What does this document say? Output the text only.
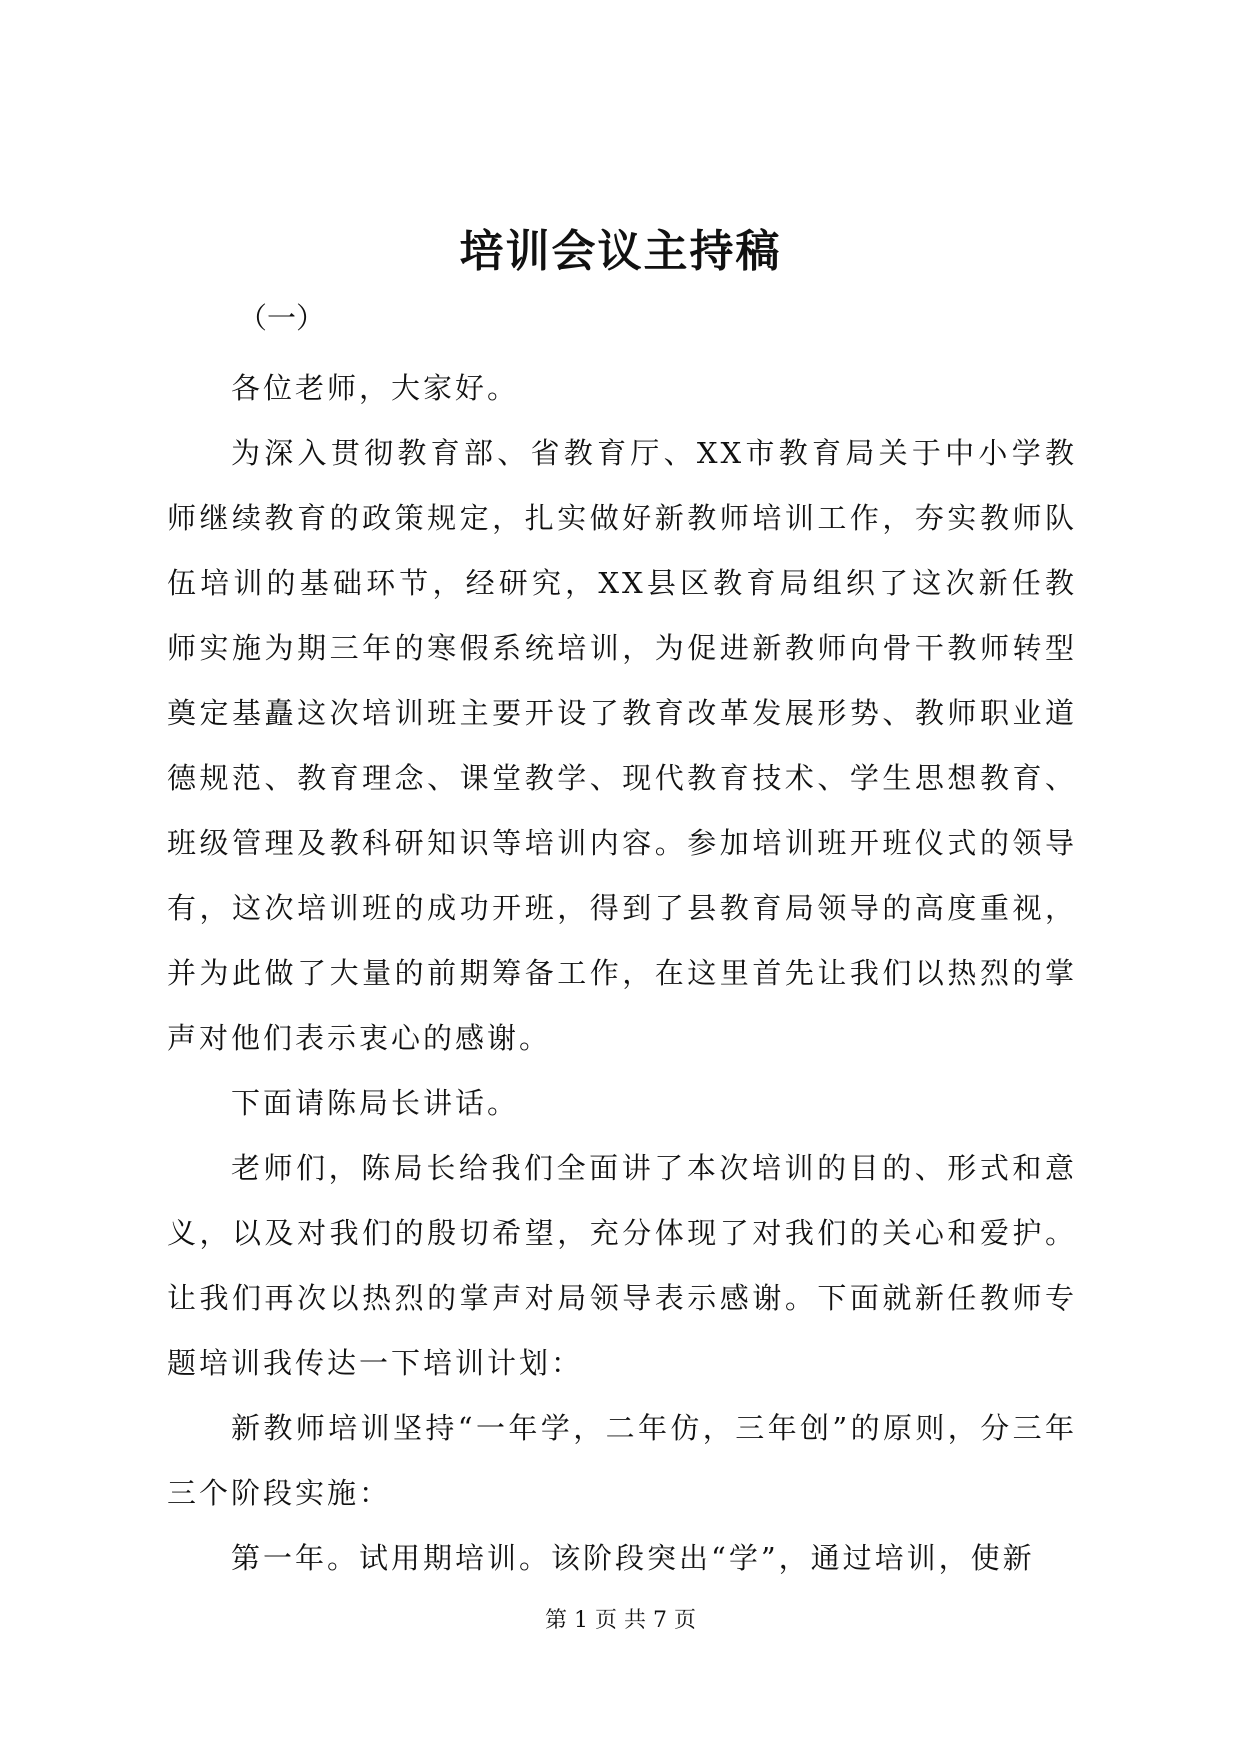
培训会议主持稿

（一）

各位老师，大家好。

为深入贯彻教育部、省教育厅、XX市教育局关于中小学教师继续教育的政策规定，扎实做好新教师培训工作，夯实教师队伍培训的基础环节，经研究，XX县区教育局组织了这次新任教师实施为期三年的寒假系统培训，为促进新教师向骨干教师转型奠定基矗这次培训班主要开设了教育改革发展形势、教师职业道德规范、教育理念、课堂教学、现代教育技术、学生思想教育、班级管理及教科研知识等培训内容。参加培训班开班仪式的领导有，这次培训班的成功开班，得到了县教育局领导的高度重视，并为此做了大量的前期筹备工作，在这里首先让我们以热烈的掌声对他们表示衷心的感谢。

下面请陈局长讲话。

老师们，陈局长给我们全面讲了本次培训的目的、形式和意义，以及对我们的殷切希望，充分体现了对我们的关心和爱护。让我们再次以热烈的掌声对局领导表示感谢。下面就新任教师专题培训我传达一下培训计划：

新教师培训坚持“一年学，二年仿，三年创”的原则，分三年三个阶段实施：

第一年。试用期培训。该阶段突出“学”，通过培训，使新

第 1 页 共 7 页
